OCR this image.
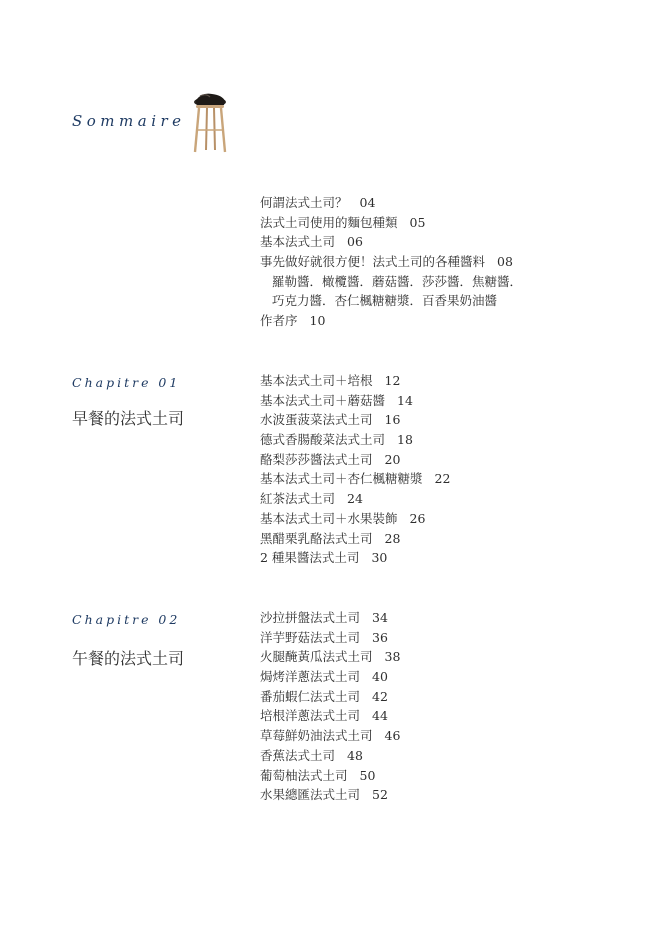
Sommaire
何謂法式土司？ 04
法式土司使用的麵包種類 05
基本法式土司 06
事先做好就很方便！法式土司的各種醬料 08
羅勒醬．橄欖醬．蘑菇醬．莎莎醬．焦糖醬．
巧克力醬．杏仁楓糖糖漿．百香果奶油醬
作者序 10
Chapitre 01
早餐的法式土司
基本法式土司＋培根 12
基本法式土司＋蘑菇醬 14
水波蛋菠菜法式土司 16
德式香腸酸菜法式土司 18
酪梨莎莎醬法式土司 20
基本法式土司＋杏仁楓糖糖漿 22
紅茶法式土司 24
基本法式土司＋水果裝飾 26
黑醋栗乳酪法式土司 28
2 種果醬法式土司 30
Chapitre 02
午餐的法式土司
沙拉拼盤法式土司 34
洋芋野菇法式土司 36
火腿醃黃瓜法式土司 38
焗烤洋蔥法式土司 40
番茄蝦仁法式土司 42
培根洋蔥法式土司 44
草莓鮮奶油法式土司 46
香蕉法式土司 48
葡萄柚法式土司 50
水果總匯法式土司 52
